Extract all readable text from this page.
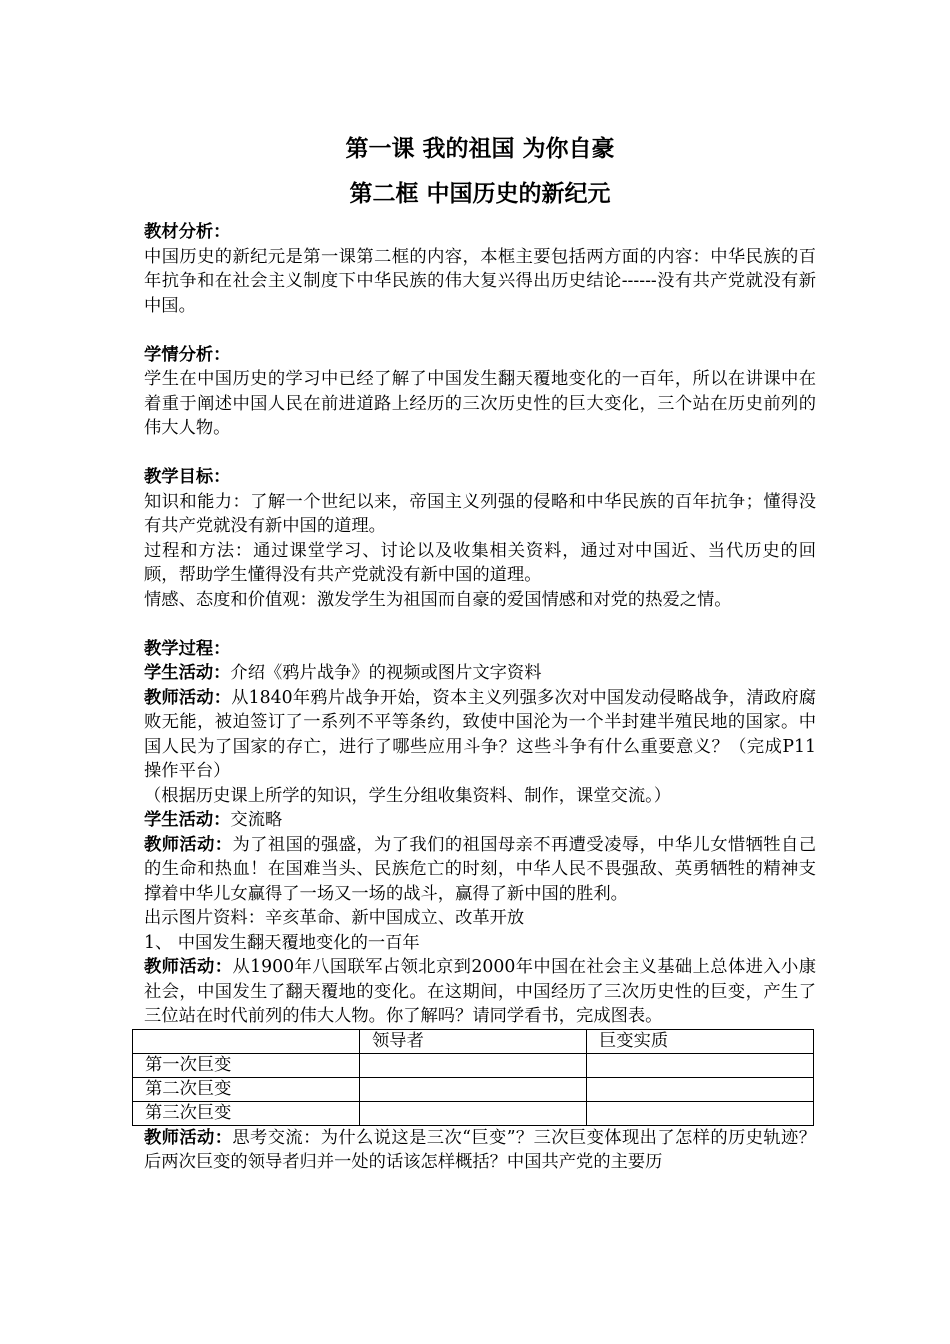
第一课 我的祖国 为你自豪

第二框 中国历史的新纪元

教材分析：

中国历史的新纪元是第一课第二框的内容，本框主要包括两方面的内容：中华民族的百年抗争和在社会主义制度下中华民族的伟大复兴得出历史结论------没有共产党就没有新中国。

学情分析：

学生在中国历史的学习中已经了解了中国发生翻天覆地变化的一百年，所以在讲课中在着重于阐述中国人民在前进道路上经历的三次历史性的巨大变化，三个站在历史前列的伟大人物。

教学目标：

知识和能力：了解一个世纪以来，帝国主义列强的侵略和中华民族的百年抗争；懂得没有共产党就没有新中国的道理。

过程和方法：通过课堂学习、讨论以及收集相关资料，通过对中国近、当代历史的回顾，帮助学生懂得没有共产党就没有新中国的道理。

情感、态度和价值观：激发学生为祖国而自豪的爱国情感和对党的热爱之情。

教学过程：

学生活动：介绍《鸦片战争》的视频或图片文字资料

教师活动：从1840年鸦片战争开始，资本主义列强多次对中国发动侵略战争，清政府腐败无能，被迫签订了一系列不平等条约，致使中国沦为一个半封建半殖民地的国家。中国人民为了国家的存亡，进行了哪些应用斗争？这些斗争有什么重要意义？（完成P11操作平台）

（根据历史课上所学的知识，学生分组收集资料、制作，课堂交流。）

学生活动：交流略

教师活动：为了祖国的强盛，为了我们的祖国母亲不再遭受凌辱，中华儿女惜牺牲自己的生命和热血！在国难当头、民族危亡的时刻，中华人民不畏强敌、英勇牺牲的精神支撑着中华儿女赢得了一场又一场的战斗，赢得了新中国的胜利。

出示图片资料：辛亥革命、新中国成立、改革开放

1、 中国发生翻天覆地变化的一百年

教师活动：从1900年八国联军占领北京到2000年中国在社会主义基础上总体进入小康社会，中国发生了翻天覆地的变化。在这期间，中国经历了三次历史性的巨变，产生了三位站在时代前列的伟大人物。你了解吗？请同学看书，完成图表。

	领导者	巨变实质
第一次巨变		
第二次巨变		
第三次巨变		

教师活动：思考交流：为什么说这是三次“巨变”？三次巨变体现出了怎样的历史轨迹？后两次巨变的领导者归并一处的话该怎样概括？中国共产党的主要历
